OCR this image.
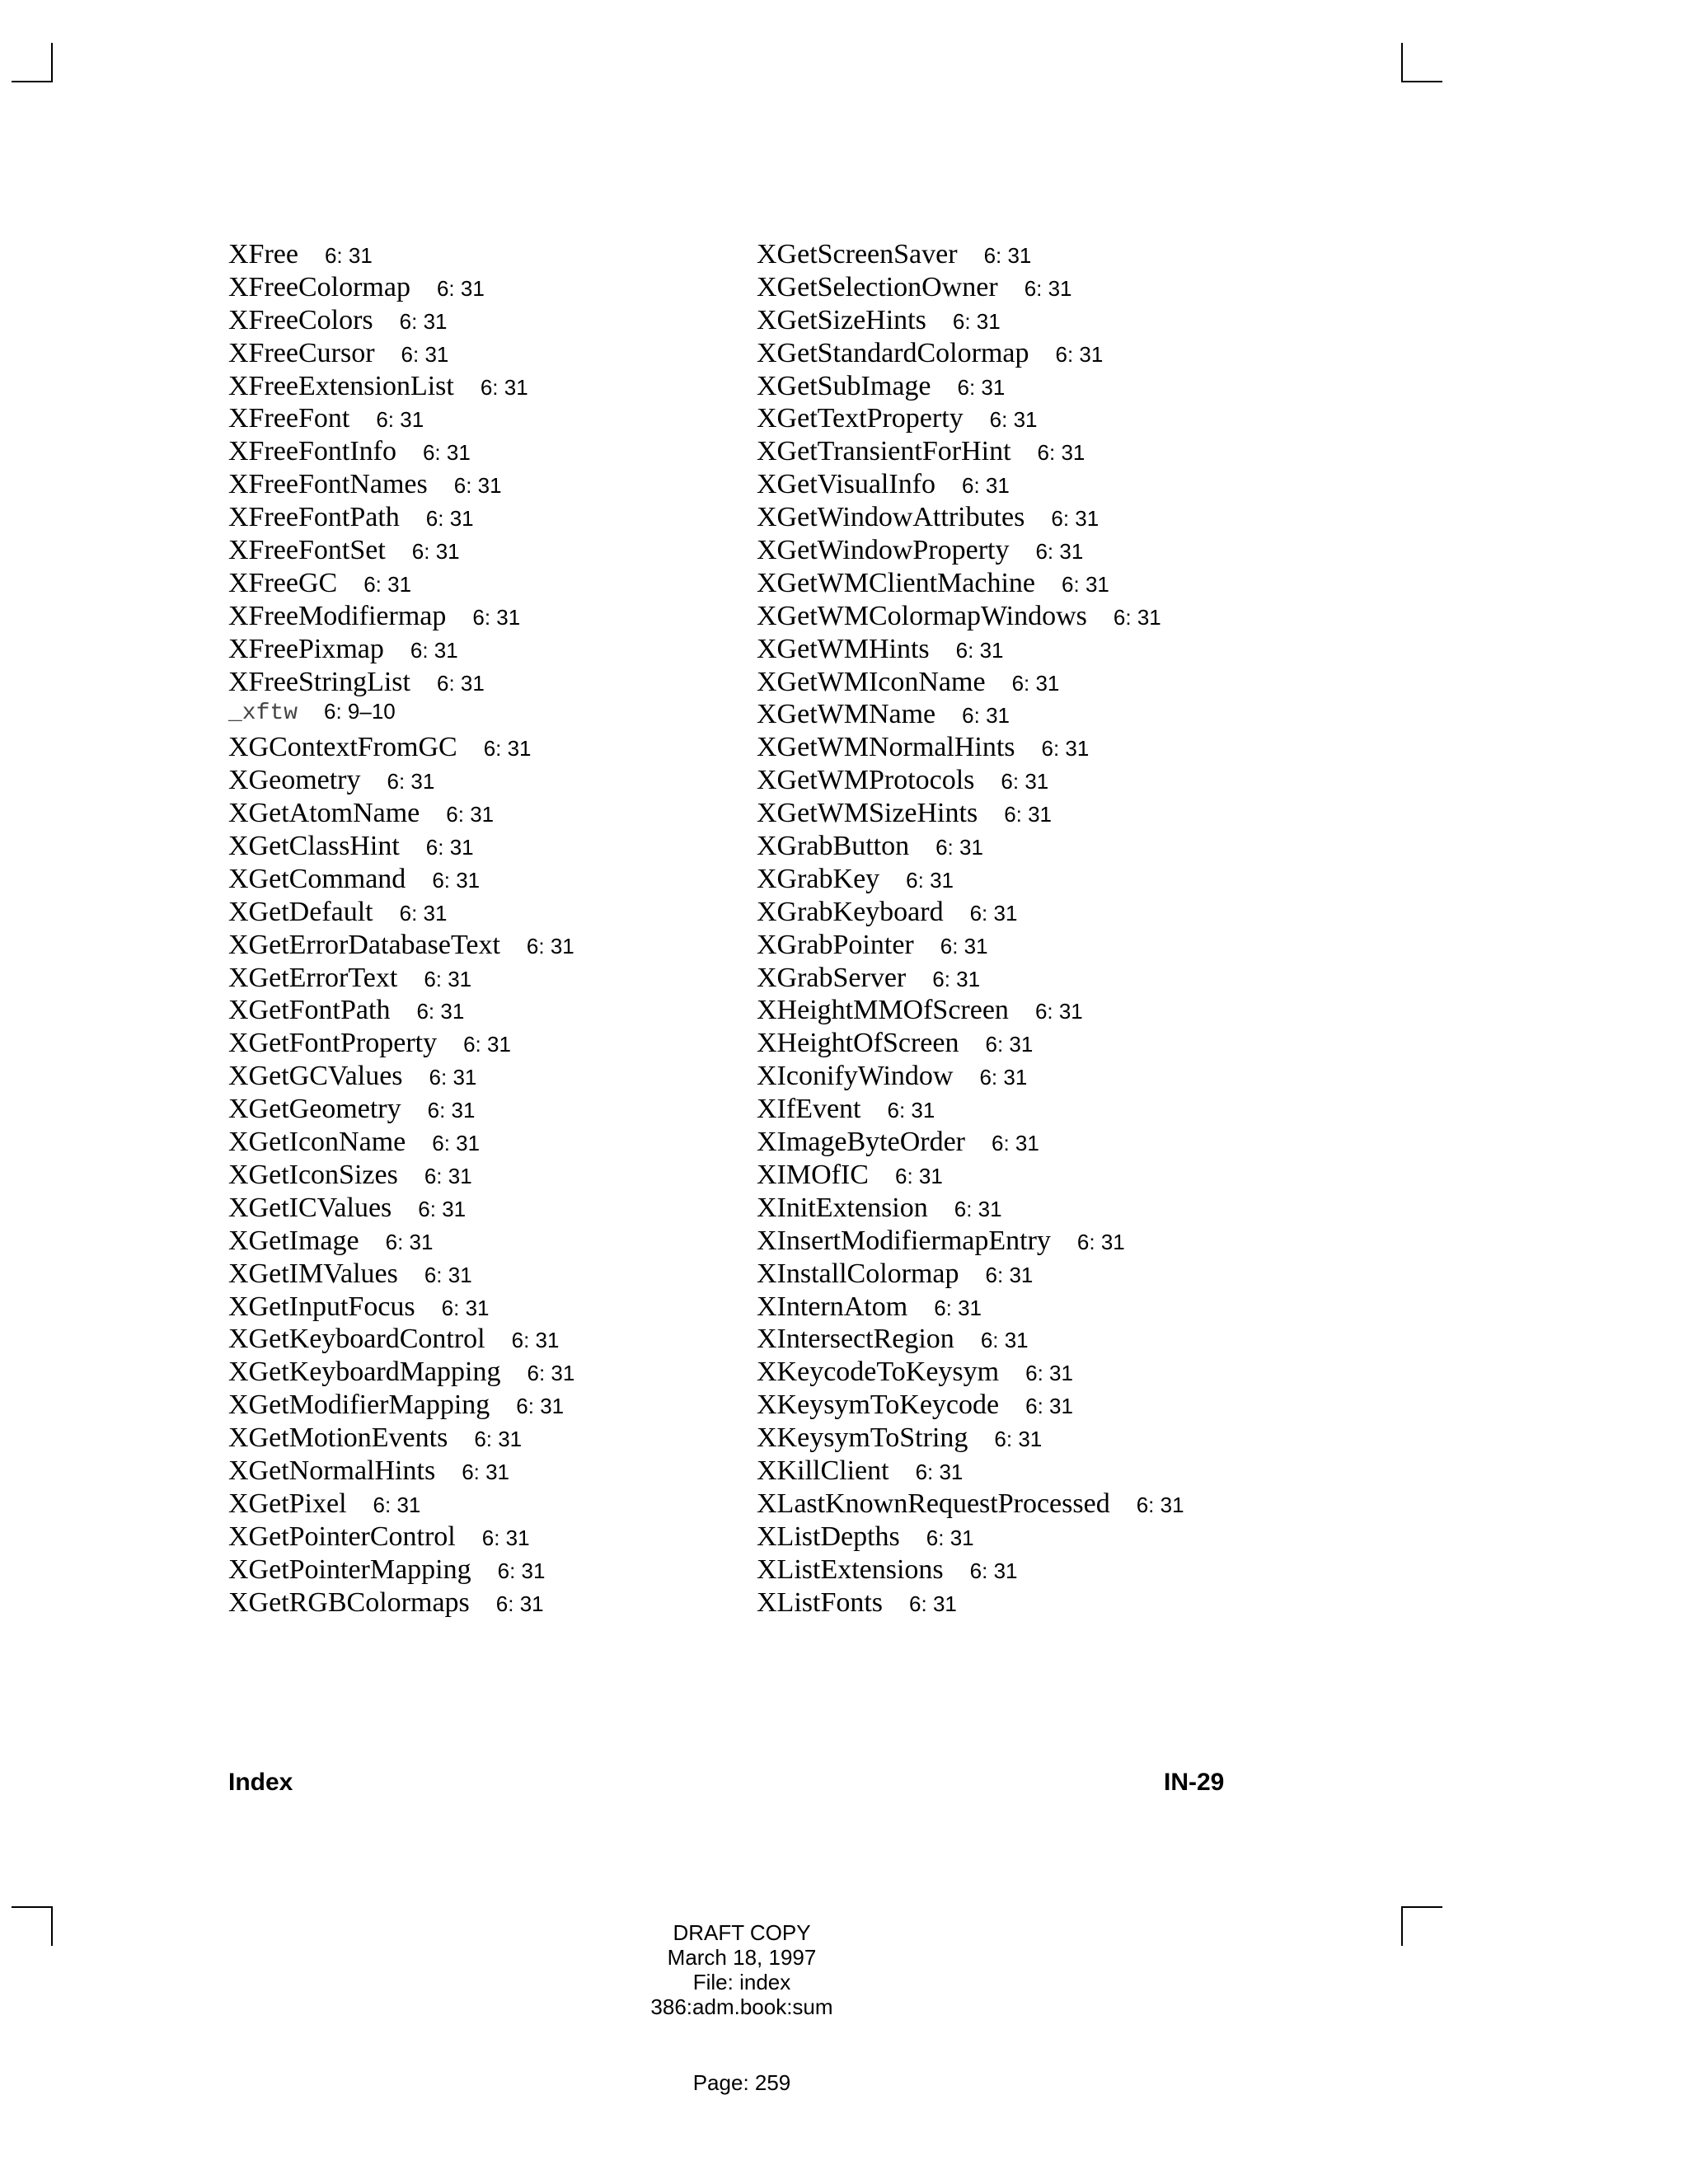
XFree 6: 31
XFreeColormap 6: 31
XFreeColors 6: 31
XFreeCursor 6: 31
XFreeExtensionList 6: 31
XFreeFont 6: 31
XFreeFontInfo 6: 31
XFreeFontNames 6: 31
XFreeFontPath 6: 31
XFreeFontSet 6: 31
XFreeGC 6: 31
XFreeModifiermap 6: 31
XFreePixmap 6: 31
XFreeStringList 6: 31
_xftw 6: 9–10
XGContextFromGC 6: 31
XGeometry 6: 31
XGetAtomName 6: 31
XGetClassHint 6: 31
XGetCommand 6: 31
XGetDefault 6: 31
XGetErrorDatabaseText 6: 31
XGetErrorText 6: 31
XGetFontPath 6: 31
XGetFontProperty 6: 31
XGetGCValues 6: 31
XGetGeometry 6: 31
XGetIconName 6: 31
XGetIconSizes 6: 31
XGetICValues 6: 31
XGetImage 6: 31
XGetIMValues 6: 31
XGetInputFocus 6: 31
XGetKeyboardControl 6: 31
XGetKeyboardMapping 6: 31
XGetModifierMapping 6: 31
XGetMotionEvents 6: 31
XGetNormalHints 6: 31
XGetPixel 6: 31
XGetPointerControl 6: 31
XGetPointerMapping 6: 31
XGetRGBColormaps 6: 31
XGetScreenSaver 6: 31
XGetSelectionOwner 6: 31
XGetSizeHints 6: 31
XGetStandardColormap 6: 31
XGetSubImage 6: 31
XGetTextProperty 6: 31
XGetTransientForHint 6: 31
XGetVisualInfo 6: 31
XGetWindowAttributes 6: 31
XGetWindowProperty 6: 31
XGetWMClientMachine 6: 31
XGetWMColormapWindows 6: 31
XGetWMHints 6: 31
XGetWMIconName 6: 31
XGetWMName 6: 31
XGetWMNormalHints 6: 31
XGetWMProtocols 6: 31
XGetWMSizeHints 6: 31
XGrabButton 6: 31
XGrabKey 6: 31
XGrabKeyboard 6: 31
XGrabPointer 6: 31
XGrabServer 6: 31
XHeightMMOfScreen 6: 31
XHeightOfScreen 6: 31
XIconifyWindow 6: 31
XIfEvent 6: 31
XImageByteOrder 6: 31
XIMOfIC 6: 31
XInitExtension 6: 31
XInsertModifiermapEntry 6: 31
XInstallColormap 6: 31
XInternAtom 6: 31
XIntersectRegion 6: 31
XKeycodeToKeysym 6: 31
XKeysymToKeycode 6: 31
XKeysymToString 6: 31
XKillClient 6: 31
XLastKnownRequestProcessed 6: 31
XListDepths 6: 31
XListExtensions 6: 31
XListFonts 6: 31
Index	IN-29
DRAFT COPY
March 18, 1997
File: index
386:adm.book:sum
Page: 259
